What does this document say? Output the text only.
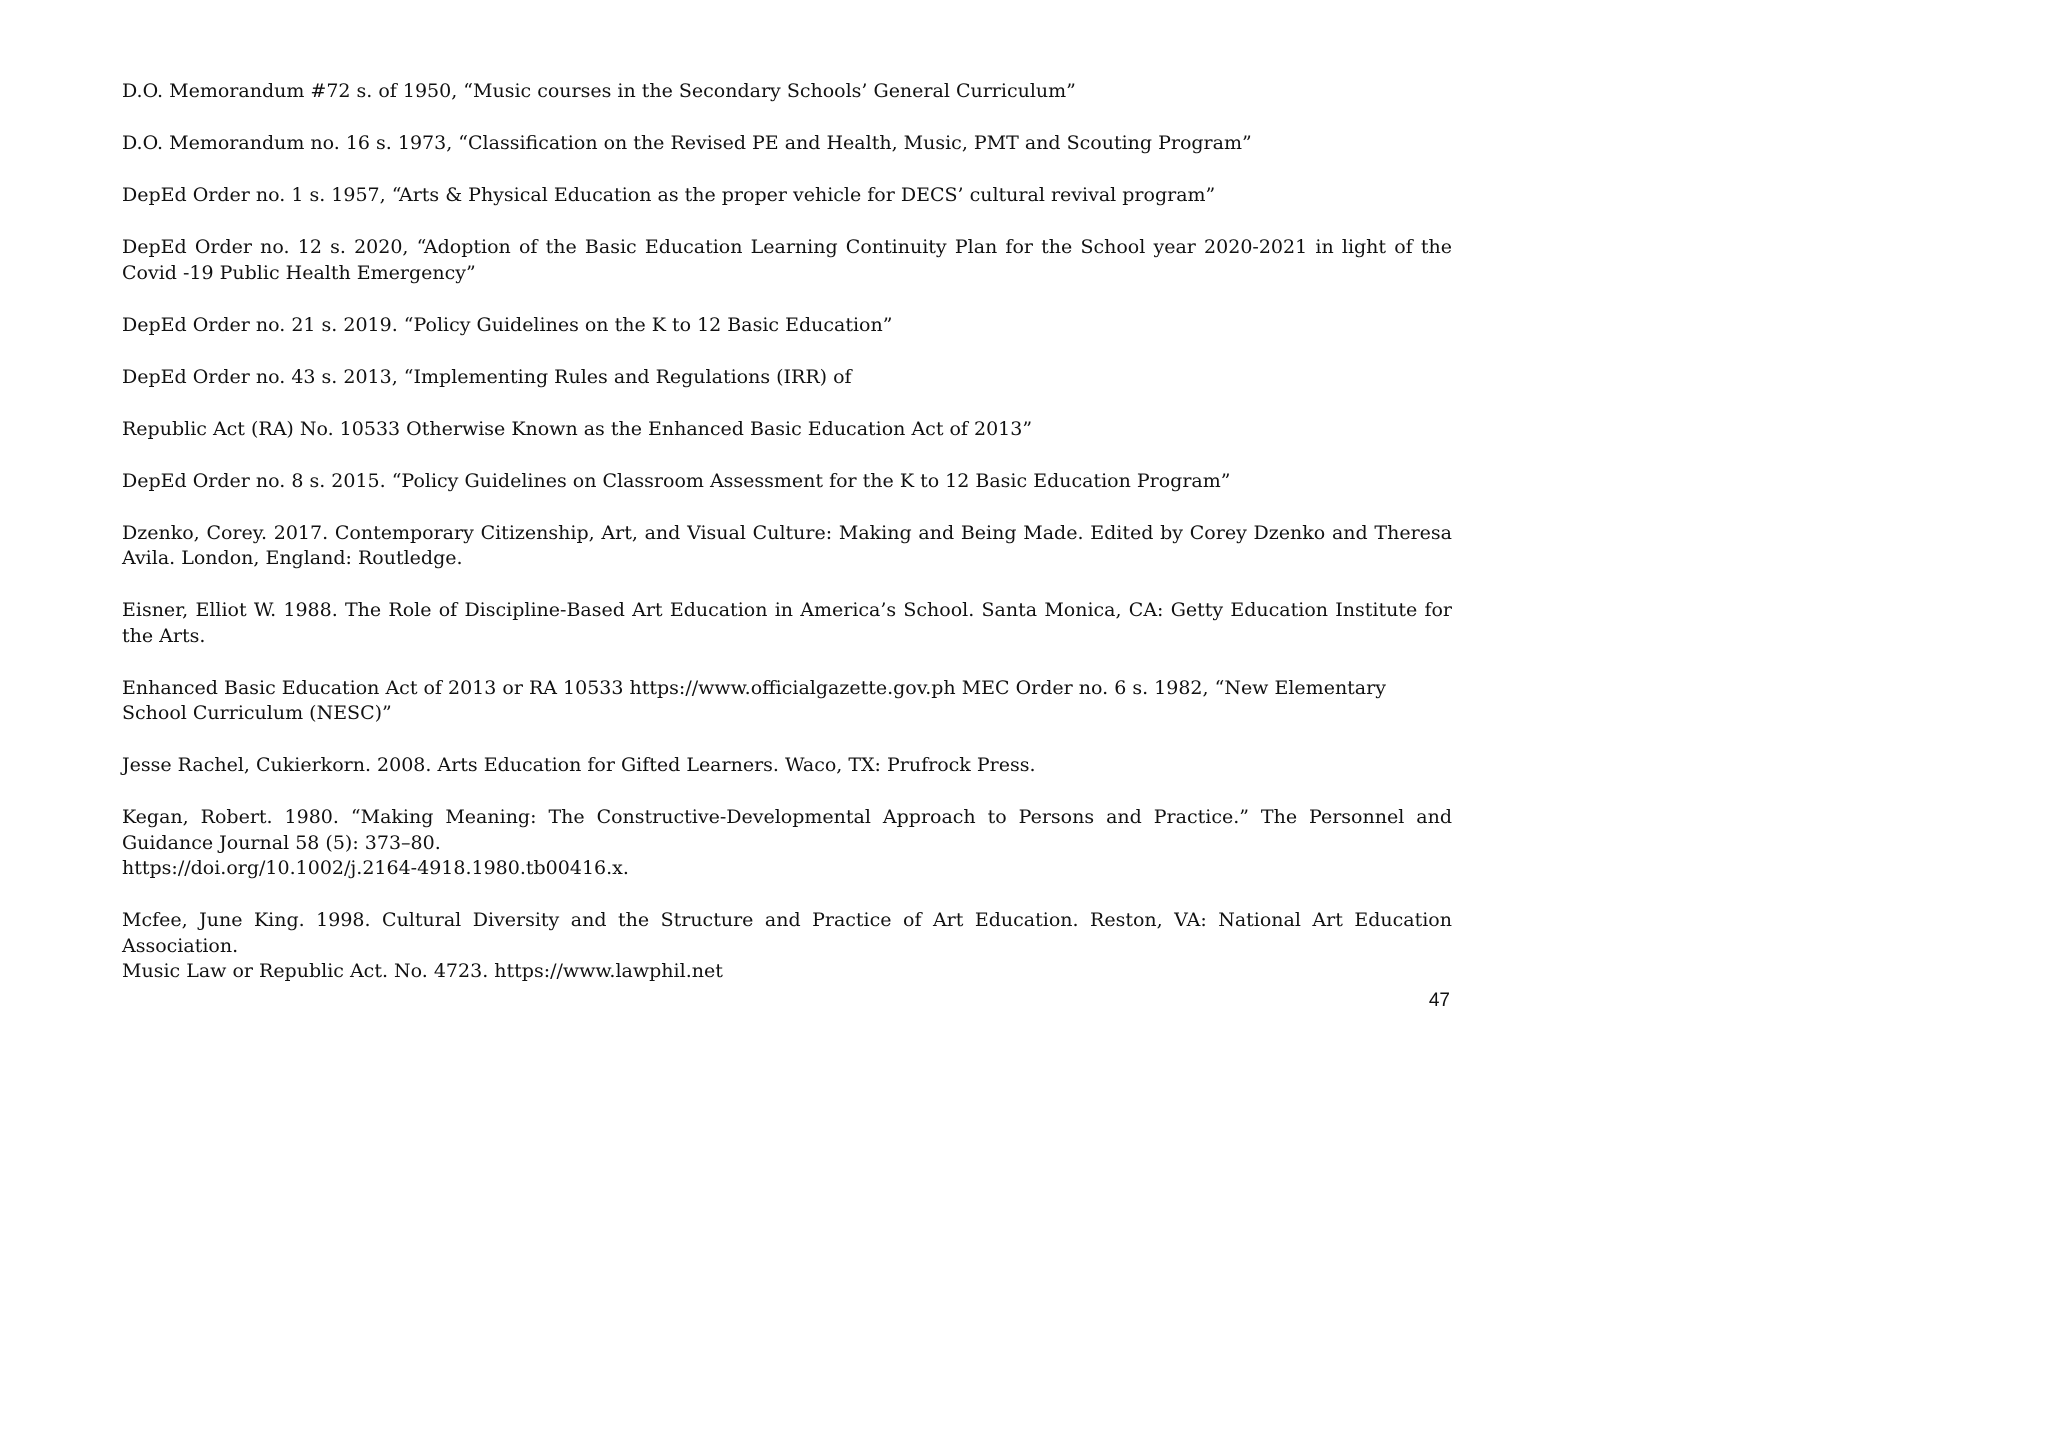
D.O. Memorandum #72 s. of 1950, “Music courses in the Secondary Schools’ General Curriculum”

D.O. Memorandum no. 16 s. 1973, “Classification on the Revised PE and Health, Music, PMT and Scouting Program”

DepEd Order no. 1 s. 1957, “Arts & Physical Education as the proper vehicle for DECS’ cultural revival program”

DepEd Order no. 12 s. 2020, “Adoption of the Basic Education Learning Continuity Plan for the School year 2020-2021 in light of the Covid -19 Public Health Emergency”

DepEd Order no. 21 s. 2019. “Policy Guidelines on the K to 12 Basic Education”

DepEd Order no. 43 s. 2013, “Implementing Rules and Regulations (IRR) of

Republic Act (RA) No. 10533 Otherwise Known as the Enhanced Basic Education Act of 2013”

DepEd Order no. 8 s. 2015. “Policy Guidelines on Classroom Assessment for the K to 12 Basic Education Program”

Dzenko, Corey. 2017. Contemporary Citizenship, Art, and Visual Culture: Making and Being Made. Edited by Corey Dzenko and Theresa Avila. London, England: Routledge.

Eisner, Elliot W. 1988. The Role of Discipline-Based Art Education in America’s School. Santa Monica, CA: Getty Education Institute for the Arts.

Enhanced Basic Education Act of 2013 or RA 10533 https://www.officialgazette.gov.ph MEC Order no. 6 s. 1982, “New Elementary School Curriculum (NESC)”

Jesse Rachel, Cukierkorn. 2008. Arts Education for Gifted Learners. Waco, TX: Prufrock Press.

Kegan, Robert. 1980. “Making Meaning: The Constructive-Developmental Approach to Persons and Practice.” The Personnel and Guidance Journal 58 (5): 373–80.
https://doi.org/10.1002/j.2164-4918.1980.tb00416.x.
Mcfee, June King. 1998. Cultural Diversity and the Structure and Practice of Art Education. Reston, VA: National Art Education Association.
Music Law or Republic Act. No. 4723. https://www.lawphil.net
47
